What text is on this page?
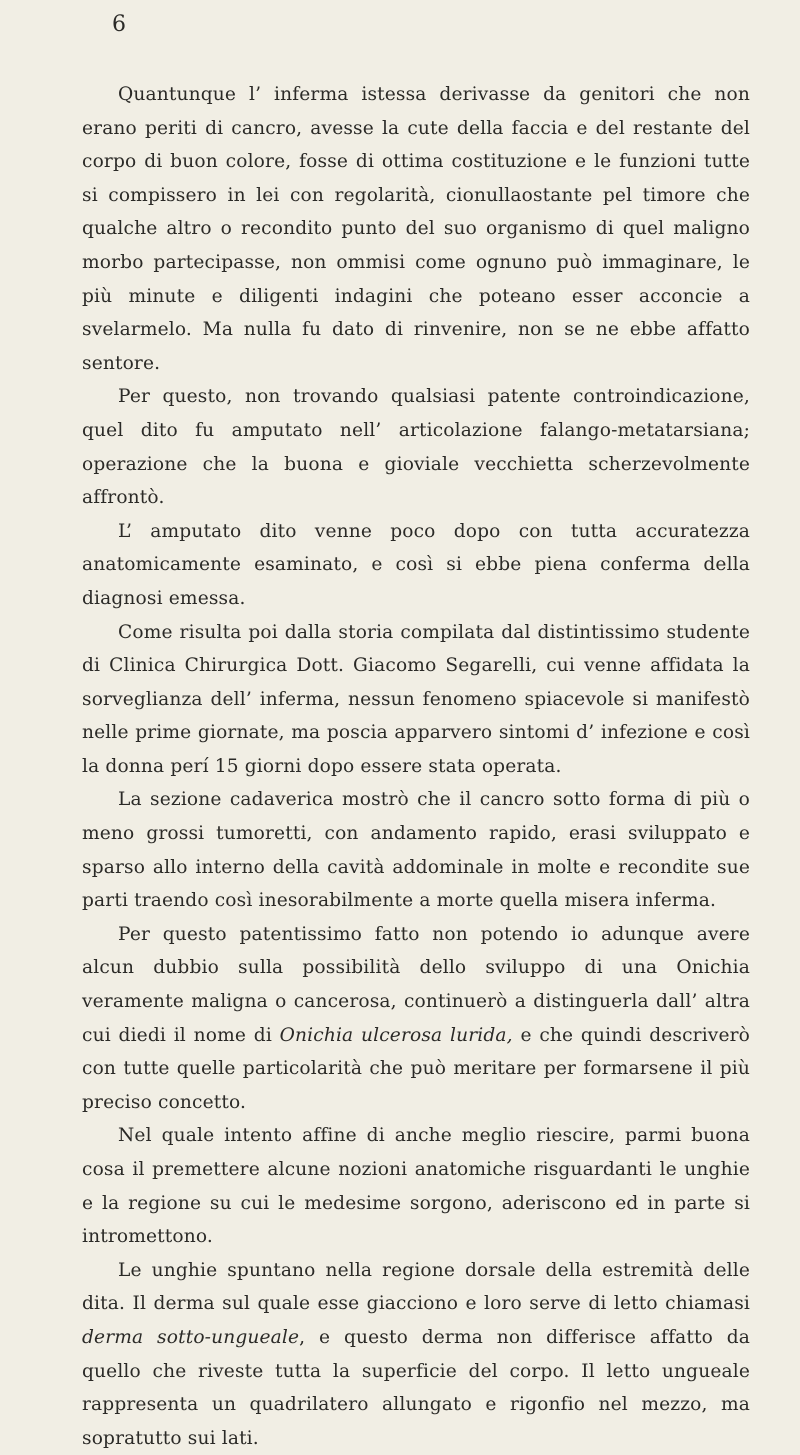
6

Quantunque l’ inferma istessa derivasse da genitori che non erano periti di cancro, avesse la cute della faccia e del restante del corpo di buon colore, fosse di ottima costituzione e le funzioni tutte si compissero in lei con regolarità, cionullaostante pel timore che qualche altro o recondito punto del suo organismo di quel maligno morbo partecipasse, non ommisi come ognuno può immaginare, le più minute e diligenti indagini che poteano esser acconcie a svelarmelo. Ma nulla fu dato di rinvenire, non se ne ebbe affatto sentore.

Per questo, non trovando qualsiasi patente controindicazione, quel dito fu amputato nell’ articolazione falango-metatarsiana; operazione che la buona e gioviale vecchietta scherzevolmente affrontò.

L’ amputato dito venne poco dopo con tutta accuratezza anatomicamente esaminato, e così si ebbe piena conferma della diagnosi emessa.

Come risulta poi dalla storia compilata dal distintissimo studente di Clinica Chirurgica Dott. Giacomo Segarelli, cui venne affidata la sorveglianza dell’ inferma, nessun fenomeno spiacevole si manifestò nelle prime giornate, ma poscia apparvero sintomi d’ infezione e così la donna perí 15 giorni dopo essere stata operata.

La sezione cadaverica mostrò che il cancro sotto forma di più o meno grossi tumoretti, con andamento rapido, erasi sviluppato e sparso allo interno della cavità addominale in molte e recondite sue parti traendo così inesorabilmente a morte quella misera inferma.

Per questo patentissimo fatto non potendo io adunque avere alcun dubbio sulla possibilità dello sviluppo di una Onichia veramente maligna o cancerosa, continuerò a distinguerla dall’ altra cui diedi il nome di Onichia ulcerosa lurida, e che quindi descriverò con tutte quelle particolarità che può meritare per formarsene il più preciso concetto.

Nel quale intento affine di anche meglio riescire, parmi buona cosa il premettere alcune nozioni anatomiche risguardanti le unghie e la regione su cui le medesime sorgono, aderiscono ed in parte si intromettono.

Le unghie spuntano nella regione dorsale della estremità delle dita. Il derma sul quale esse giacciono e loro serve di letto chiamasi derma sotto-ungueale, e questo derma non differisce affatto da quello che riveste tutta la superficie del corpo. Il letto ungueale rappresenta un quadrilatero allungato e rigonfio nel mezzo, ma sopratutto sui lati.
